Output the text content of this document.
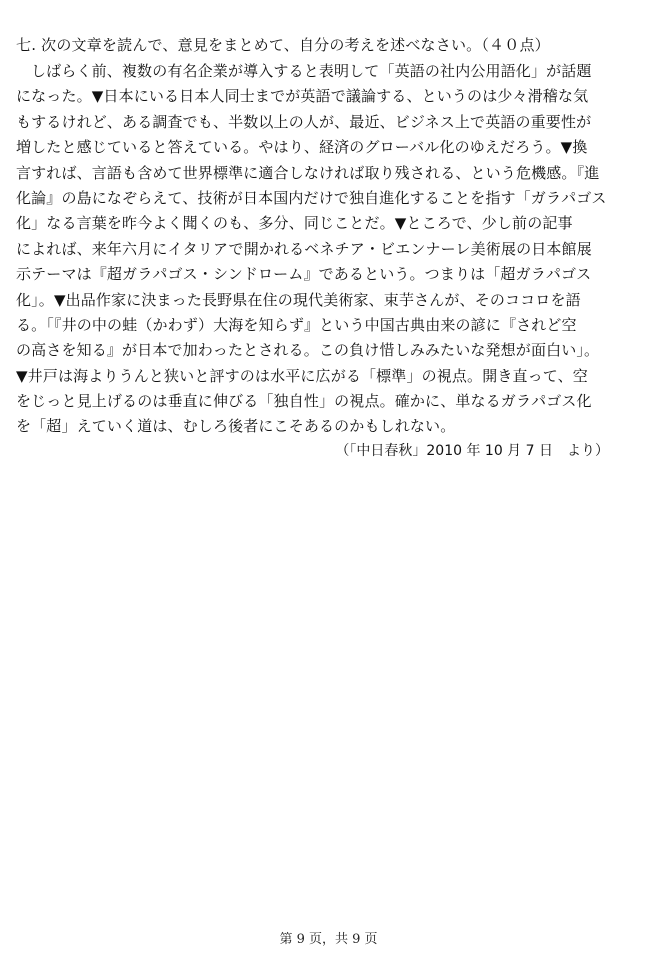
七. 次の文章を読んで、意見をまとめて、自分の考えを述べなさい。（４０点）
しばらく前、複数の有名企業が導入すると表明して「英語の社内公用語化」が話題
になった。▼日本にいる日本人同士までが英語で議論する、というのは少々滑稽な気
もするけれど、ある調査でも、半数以上の人が、最近、ビジネス上で英語の重要性が
増したと感じていると答えている。やはり、経済のグローバル化のゆえだろう。▼換
言すれば、言語も含めて世界標準に適合しなければ取り残される、という危機感。『進
化論』の島になぞらえて、技術が日本国内だけで独自進化することを指す「ガラパゴス
化」なる言葉を昨今よく聞くのも、多分、同じことだ。▼ところで、少し前の記事
によれば、来年六月にイタリアで開かれるベネチア・ビエンナーレ美術展の日本館展
示テーマは『超ガラパゴス・シンドローム』であるという。つまりは「超ガラパゴス
化」。▼出品作家に決まった長野県在住の現代美術家、束芋さんが、そのココロを語
る。「『井の中の蛙（かわず）大海を知らず』という中国古典由来の諺に『されど空
の高さを知る』が日本で加わったとされる。この負け惜しみみたいな発想が面白い」。
▼井戸は海よりうんと狭いと評すのは水平に広がる「標準」の視点。開き直って、空
をじっと見上げるのは垂直に伸びる「独自性」の視点。確かに、単なるガラパゴス化
を「超」えていく道は、むしろ後者にこそあるのかもしれない。
（「中日春秋」2010 年 10 月 7 日　より）
第 9 页，共 9 页
